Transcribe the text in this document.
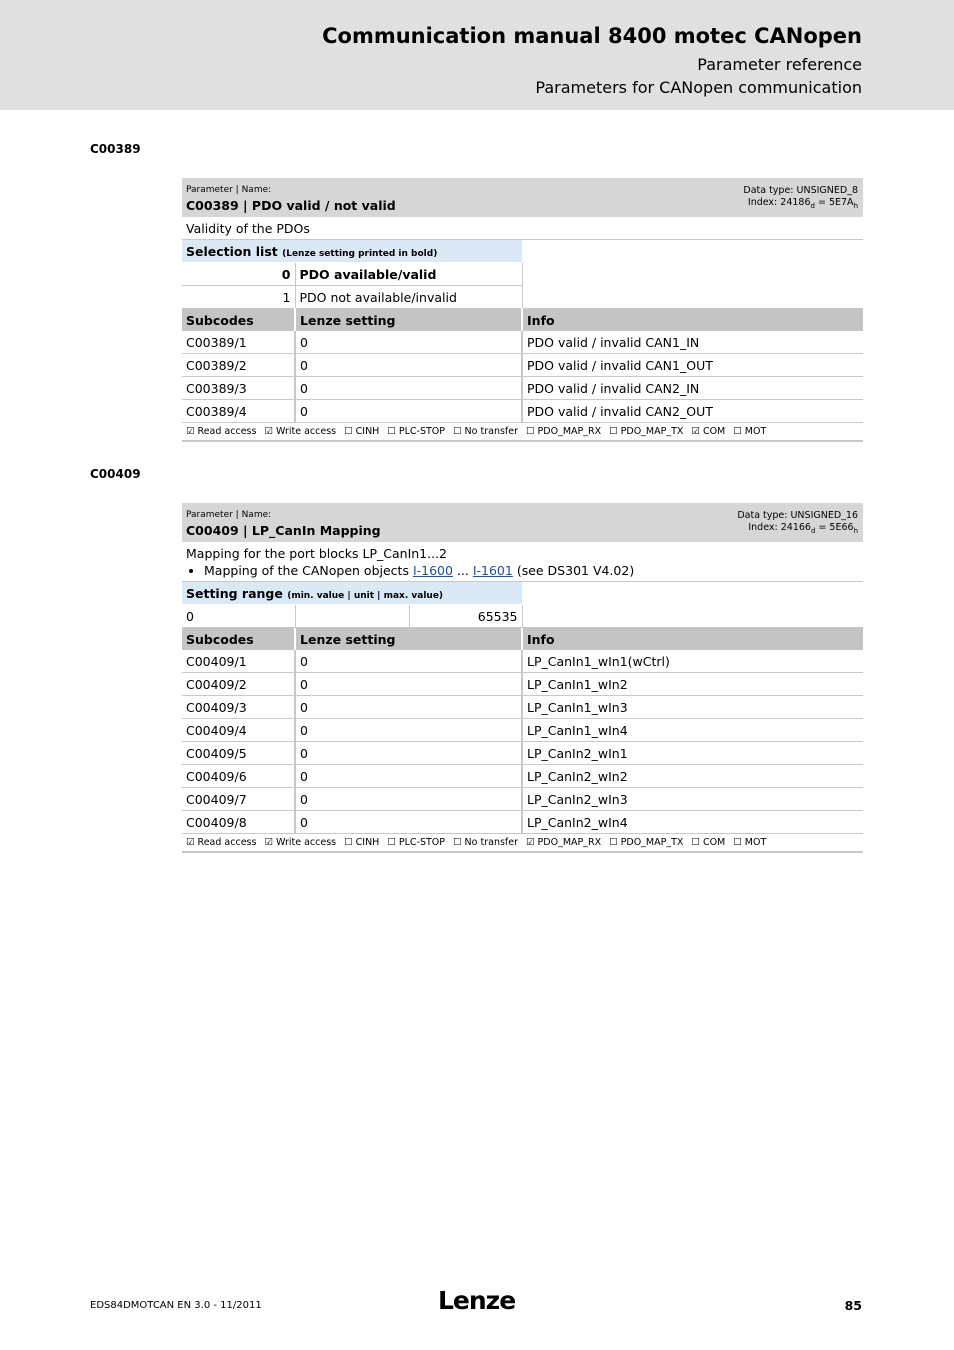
Communication manual 8400 motec CANopen
Parameter reference
Parameters for CANopen communication
C00389
Parameter | Name:
C00389 | PDO valid / not valid
Data type: UNSIGNED_8
Index: $24186_d = 5E7A_h$
Validity of the PDOs
Selection list (Lenze setting printed in bold)		
0	PDO available/valid	
1	PDO not available/invalid	
Subcodes	Lenze setting	Info
C00389/1	0	PDO valid / invalid CAN1_IN
C00389/2	0	PDO valid / invalid CAN1_OUT
C00389/3	0	PDO valid / invalid CAN2_IN
C00389/4	0	PDO valid / invalid CAN2_OUT
☑ Read access ☑ Write access ☐ CINH ☐ PLC-STOP ☐ No transfer ☐ PDO_MAP_RX ☐ PDO_MAP_TX ☑ COM ☐ MOT
C00409
Parameter | Name:
C00409 | LP_CanIn Mapping
Data type: UNSIGNED_16
Index: $24166_d = 5E66_h$
Mapping for the port blocks LP_CanIn1...2
• Mapping of the CANopen objects I-1600 ... I-1601 (see DS301 V4.02)
Setting range (min. value | unit | max. value)			
0		65535	
Subcodes	Lenze setting	Info
C00409/1	0	LP_CanIn1_wIn1(wCtrl)
C00409/2	0	LP_CanIn1_wIn2
C00409/3	0	LP_CanIn1_wIn3
C00409/4	0	LP_CanIn1_wIn4
C00409/5	0	LP_CanIn2_wIn1
C00409/6	0	LP_CanIn2_wIn2
C00409/7	0	LP_CanIn2_wIn3
C00409/8	0	LP_CanIn2_wIn4
☑ Read access ☑ Write access ☐ CINH ☐ PLC-STOP ☐ No transfer ☑ PDO_MAP_RX ☐ PDO_MAP_TX ☐ COM ☐ MOT
EDS84DMOTCAN EN 3.0 - 11/2011	Lenze	85
